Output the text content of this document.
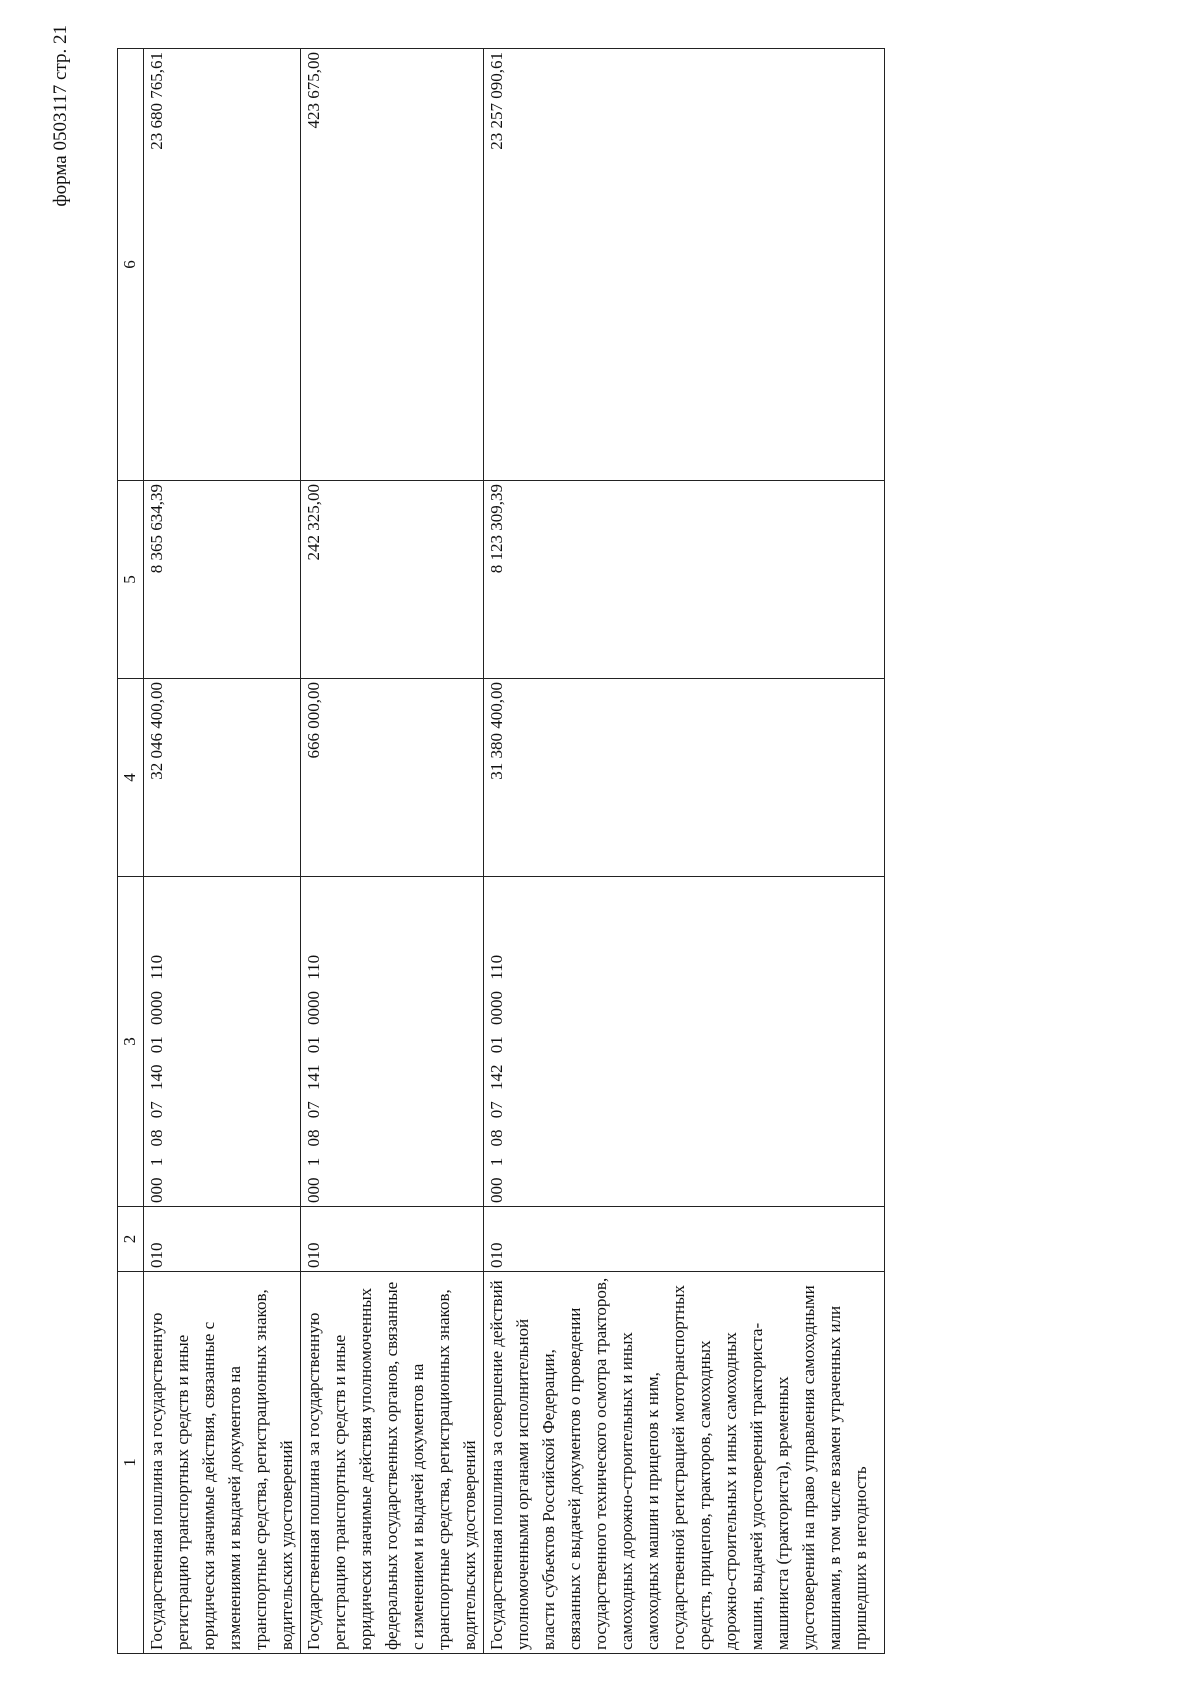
форма 0503117 стр. 21
1	2	3	4	5	6
Государственная пошлина за государственную регистрацию транспортных средств и иные юридически значимые действия, связанные с изменениями и выдачей документов на транспортные средства, регистрационных знаков, водительских удостоверений	010	000 1 08 07 140 01 0000 110	32 046 400,00	8 365 634,39	23 680 765,61
Государственная пошлина за государственную регистрацию транспортных средств и иные юридически значимые действия уполномоченных федеральных государственных органов, связанные с изменением и выдачей документов на транспортные средства, регистрационных знаков, водительских удостоверений	010	000 1 08 07 141 01 0000 110	666 000,00	242 325,00	423 675,00
Государственная пошлина за совершение действий уполномоченными органами исполнительной власти субъектов Российской Федерации, связанных с выдачей документов о проведении государственного технического осмотра тракторов, самоходных дорожно-строительных и иных самоходных машин и прицепов к ним, государственной регистрацией мототранспортных средств, прицепов, тракторов, самоходных дорожно-строительных и иных самоходных машин, выдачей удостоверений тракториста-машиниста (тракториста), временных удостоверений на право управления самоходными машинами, в том числе взамен утраченных или пришедших в негодность	010	000 1 08 07 142 01 0000 110	31 380 400,00	8 123 309,39	23 257 090,61
